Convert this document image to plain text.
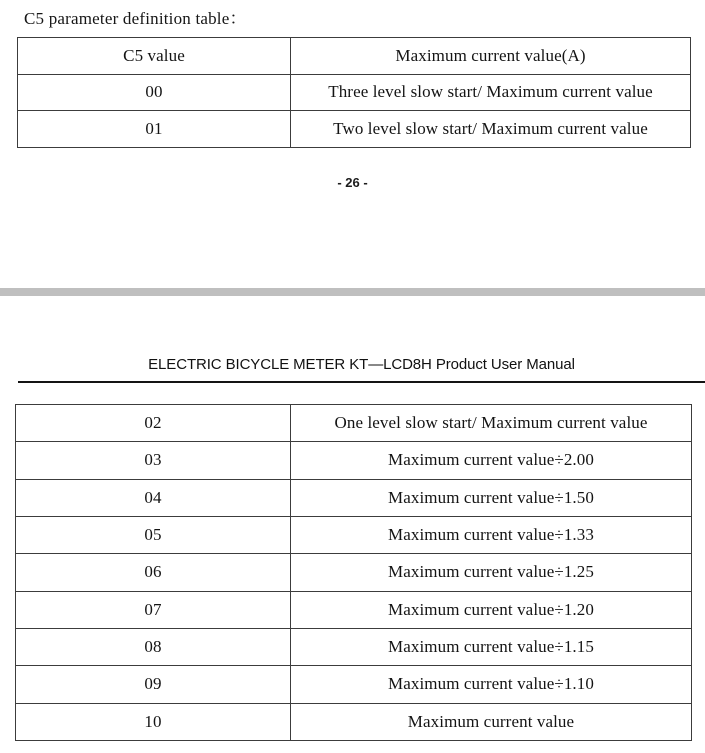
C5 parameter definition table：
C5 value	Maximum current value(A)
00	Three level slow start/ Maximum current value
01	Two level slow start/ Maximum current value
- 26 -
ELECTRIC BICYCLE METER KT—LCD8H Product User Manual
02	One level slow start/ Maximum current value
03	Maximum current value÷2.00
04	Maximum current value÷1.50
05	Maximum current value÷1.33
06	Maximum current value÷1.25
07	Maximum current value÷1.20
08	Maximum current value÷1.15
09	Maximum current value÷1.10
10	Maximum current value
